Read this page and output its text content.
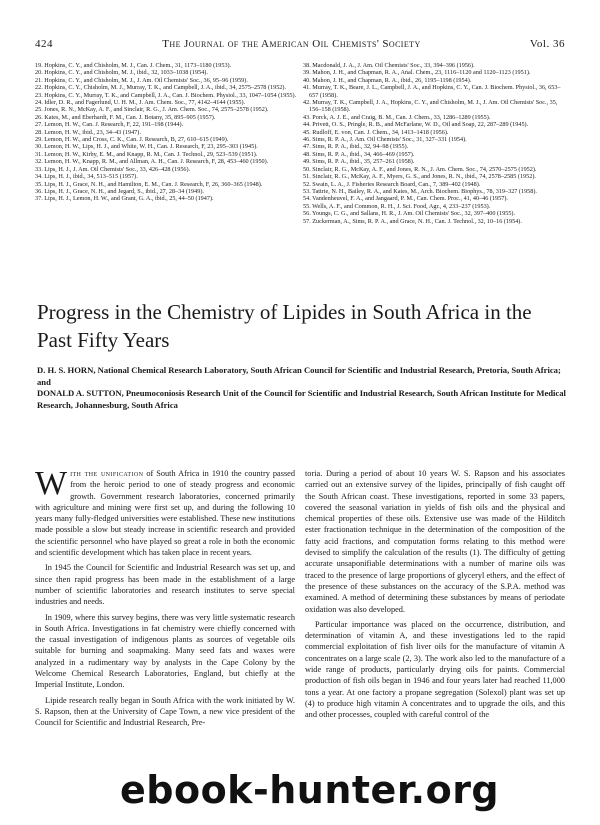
424	The Journal of the American Oil Chemists' Society	Vol. 36
19. Hopkins, C. Y., and Chisholm, M. J., Can. J. Chem., 31, 1173–1180 (1953).
20. Hopkins, C. Y., and Chisholm, M. J., ibid., 32, 1033–1038 (1954).
21. Hopkins, C. Y., and Chisholm, M. J., J. Am. Oil Chemists' Soc., 36, 95–96 (1959).
22. Hopkins, C. Y., Chisholm, M. J., Murray, T. K., and Campbell, J. A., ibid., 34, 2575–2578 (1952).
23. Hopkins, C. Y., Murray, T. K., and Campbell, J. A., Can. J. Biochem. Physiol., 33, 1047–1054 (1955).
24. Idler, D. R., and Fagerlund, U. H. M., J. Am. Chem. Soc., 77, 4142–4144 (1955).
25. Jones, R. N., McKay, A. F., and Sinclair, R. G., J. Am. Chem. Soc., 74, 2575–2578 (1952).
26. Kates, M., and Eberhardt, F. M., Can. J. Botany, 35, 895–905 (1957).
27. Lemon, H. W., Can. J. Research, F, 22, 191–198 (1944).
28. Lemon, H. W., ibid., 23, 34–43 (1947).
29. Lemon, H. W., and Cross, C. K., Can. J. Research, B, 27, 610–615 (1949).
30. Lemon, H. W., Lips, H. J., and White, W. H., Can. J. Research, F, 23, 295–303 (1945).
31. Lemon, H. W., Kirby, E. M., and Knapp, R. M., Can. J. Technol., 29, 523–539 (1951).
32. Lemon, H. W., Knapp, R. M., and Allman, A. H., Can. J. Research, F, 28, 453–460 (1950).
33. Lips, H. J., J. Am. Oil Chemists' Soc., 33, 426–428 (1956).
34. Lips, H. J., ibid., 34, 513–515 (1957).
35. Lips, H. J., Grace, N. H., and Hamilton, E. M., Can. J. Research, F, 26, 360–365 (1948).
36. Lips, H. J., Grace, N. H., and Jegard, S., ibid., 27, 28–34 (1949).
37. Lips, H. J., Lemon, H. W., and Grant, G. A., ibid., 25, 44–50 (1947).
38. Macdonald, J. A., J. Am. Oil Chemists' Soc., 33, 394–396 (1956).
39. Mahon, J. H., and Chapman, R. A., Anal. Chem., 23, 1116–1120 and 1120–1123 (1951).
40. Mahon, J. H., and Chapman, R. A., ibid., 26, 1195–1198 (1954).
41. Murray, T. K., Beare, J. L., Campbell, J. A., and Hopkins, C. Y., Can. J. Biochem. Physiol., 36, 653–657 (1958).
42. Murray, T. K., Campbell, J. A., Hopkins, C. Y., and Chisholm, M. J., J. Am. Oil Chemists' Soc., 35, 156–158 (1958).
43. Porck, A. J. E., and Craig, B. M., Can. J. Chem., 33, 1286–1289 (1955).
44. Privett, O. S., Pringle, R. B., and McFarlane, W. D., Oil and Soap, 22, 287–289 (1945).
45. Rudloff, E. von, Can. J. Chem., 34, 1413–1418 (1956).
46. Sims, R. P. A., J. Am. Oil Chemists' Soc., 31, 327–331 (1954).
47. Sims, R. P. A., ibid., 32, 94–98 (1955).
48. Sims, R. P. A., ibid., 34, 466–469 (1957).
49. Sims, R. P. A., ibid., 35, 257–261 (1958).
50. Sinclair, R. G., McKay, A. F., and Jones, R. N., J. Am. Chem. Soc., 74, 2570–2575 (1952).
51. Sinclair, R. G., McKay, A. F., Myers, G. S., and Jones, R. N., ibid., 74, 2578–2585 (1952).
52. Swain, L. A., J. Fisheries Research Board, Can., 7, 389–402 (1948).
53. Tattrie, N. H., Bailey, R. A., and Kates, M., Arch. Biochem. Biophys., 78, 319–327 (1958).
54. Vandenheuvel, F. A., and Jangaard, P. M., Can. Chem. Proc., 41, 40–46 (1957).
55. Wells, A. F., and Common, R. H., J. Sci. Food, Agr., 4, 233–237 (1953).
56. Youngs, C. G., and Sallans, H. R., J. Am. Oil Chemists' Soc., 32, 397–400 (1955).
57. Zuckerman, A., Sims, R. P. A., and Grace, N. H., Can. J. Technol., 32, 10–16 (1954).
Progress in the Chemistry of Lipides in South Africa in the Past Fifty Years
D. H. S. HORN, National Chemical Research Laboratory, South African Council for Scientific and Industrial Research, Pretoria, South Africa; and
DONALD A. SUTTON, Pneumoconiosis Research Unit of the Council for Scientific and Industrial Research, South African Institute for Medical Research, Johannesburg, South Africa

With the unification of South Africa in 1910 the country passed from the heroic period to one of steady progress and economic growth. Government research laboratories, concerned primarily with agriculture and mining were first set up, and during the following 10 years many fully-fledged universities were established. These new institutions made possible a slow but steady increase in scientific research and provided the scientific personnel who have played so great a role in both the economic and scientific development which has taken place in recent years.

In 1945 the Council for Scientific and Industrial Research was set up, and since then rapid progress has been made in the establishment of a large number of scientific laboratories and research institutes to serve special industries and needs.

In 1909, where this survey begins, there was very little systematic research in South Africa. Investigations in fat chemistry were chiefly concerned with the casual investigation of indigenous plants as sources of vegetable oils suitable for burning and soapmaking. Many seed fats and waxes were analyzed in a rudimentary way by analysts in the Cape Colony by the Welcome Chemical Research Laboratories, England, but chiefly at the Imperial Institute, London.

Lipide research really began in South Africa with the work initiated by W. S. Rapson, then at the University of Cape Town, a new vice president of the Council for Scientific and Industrial Research, Pre-

toria. During a period of about 10 years W. S. Rapson and his associates carried out an extensive survey of the lipides, principally of fish caught off the South African coast. These investigations, reported in some 33 papers, covered the seasonal variation in yields of fish oils and the physical and chemical properties of these oils. Extensive use was made of the Hilditch ester fractionation technique in the determination of the composition of the fatty acid fractions, and computation forms relating to this method were devised to simplify the calculation of the results (1). The difficulty of getting accurate unsaponifiable determinations with a number of marine oils was traced to the presence of large proportions of glyceryl ethers, and the effect of the presence of these substances on the accuracy of the S.P.A. method was examined. A method of determining these substances by means of periodate oxidation was also developed.

Particular importance was placed on the occurrence, distribution, and determination of vitamin A, and these investigations led to the rapid commercial exploitation of fish liver oils for the manufacture of vitamin A concentrates on a large scale (2, 3). The work also led to the manufacture of a wide range of products, particularly drying oils for paints. Commercial production of fish oils began in 1946 and four years later had reached 11,000 tons a year. At one factory a propane segregation (Solexol) plant was set up (4) to produce high vitamin A concentrates and to upgrade the oils, and this and other processes, coupled with careful control of the

ebook-hunter.org
